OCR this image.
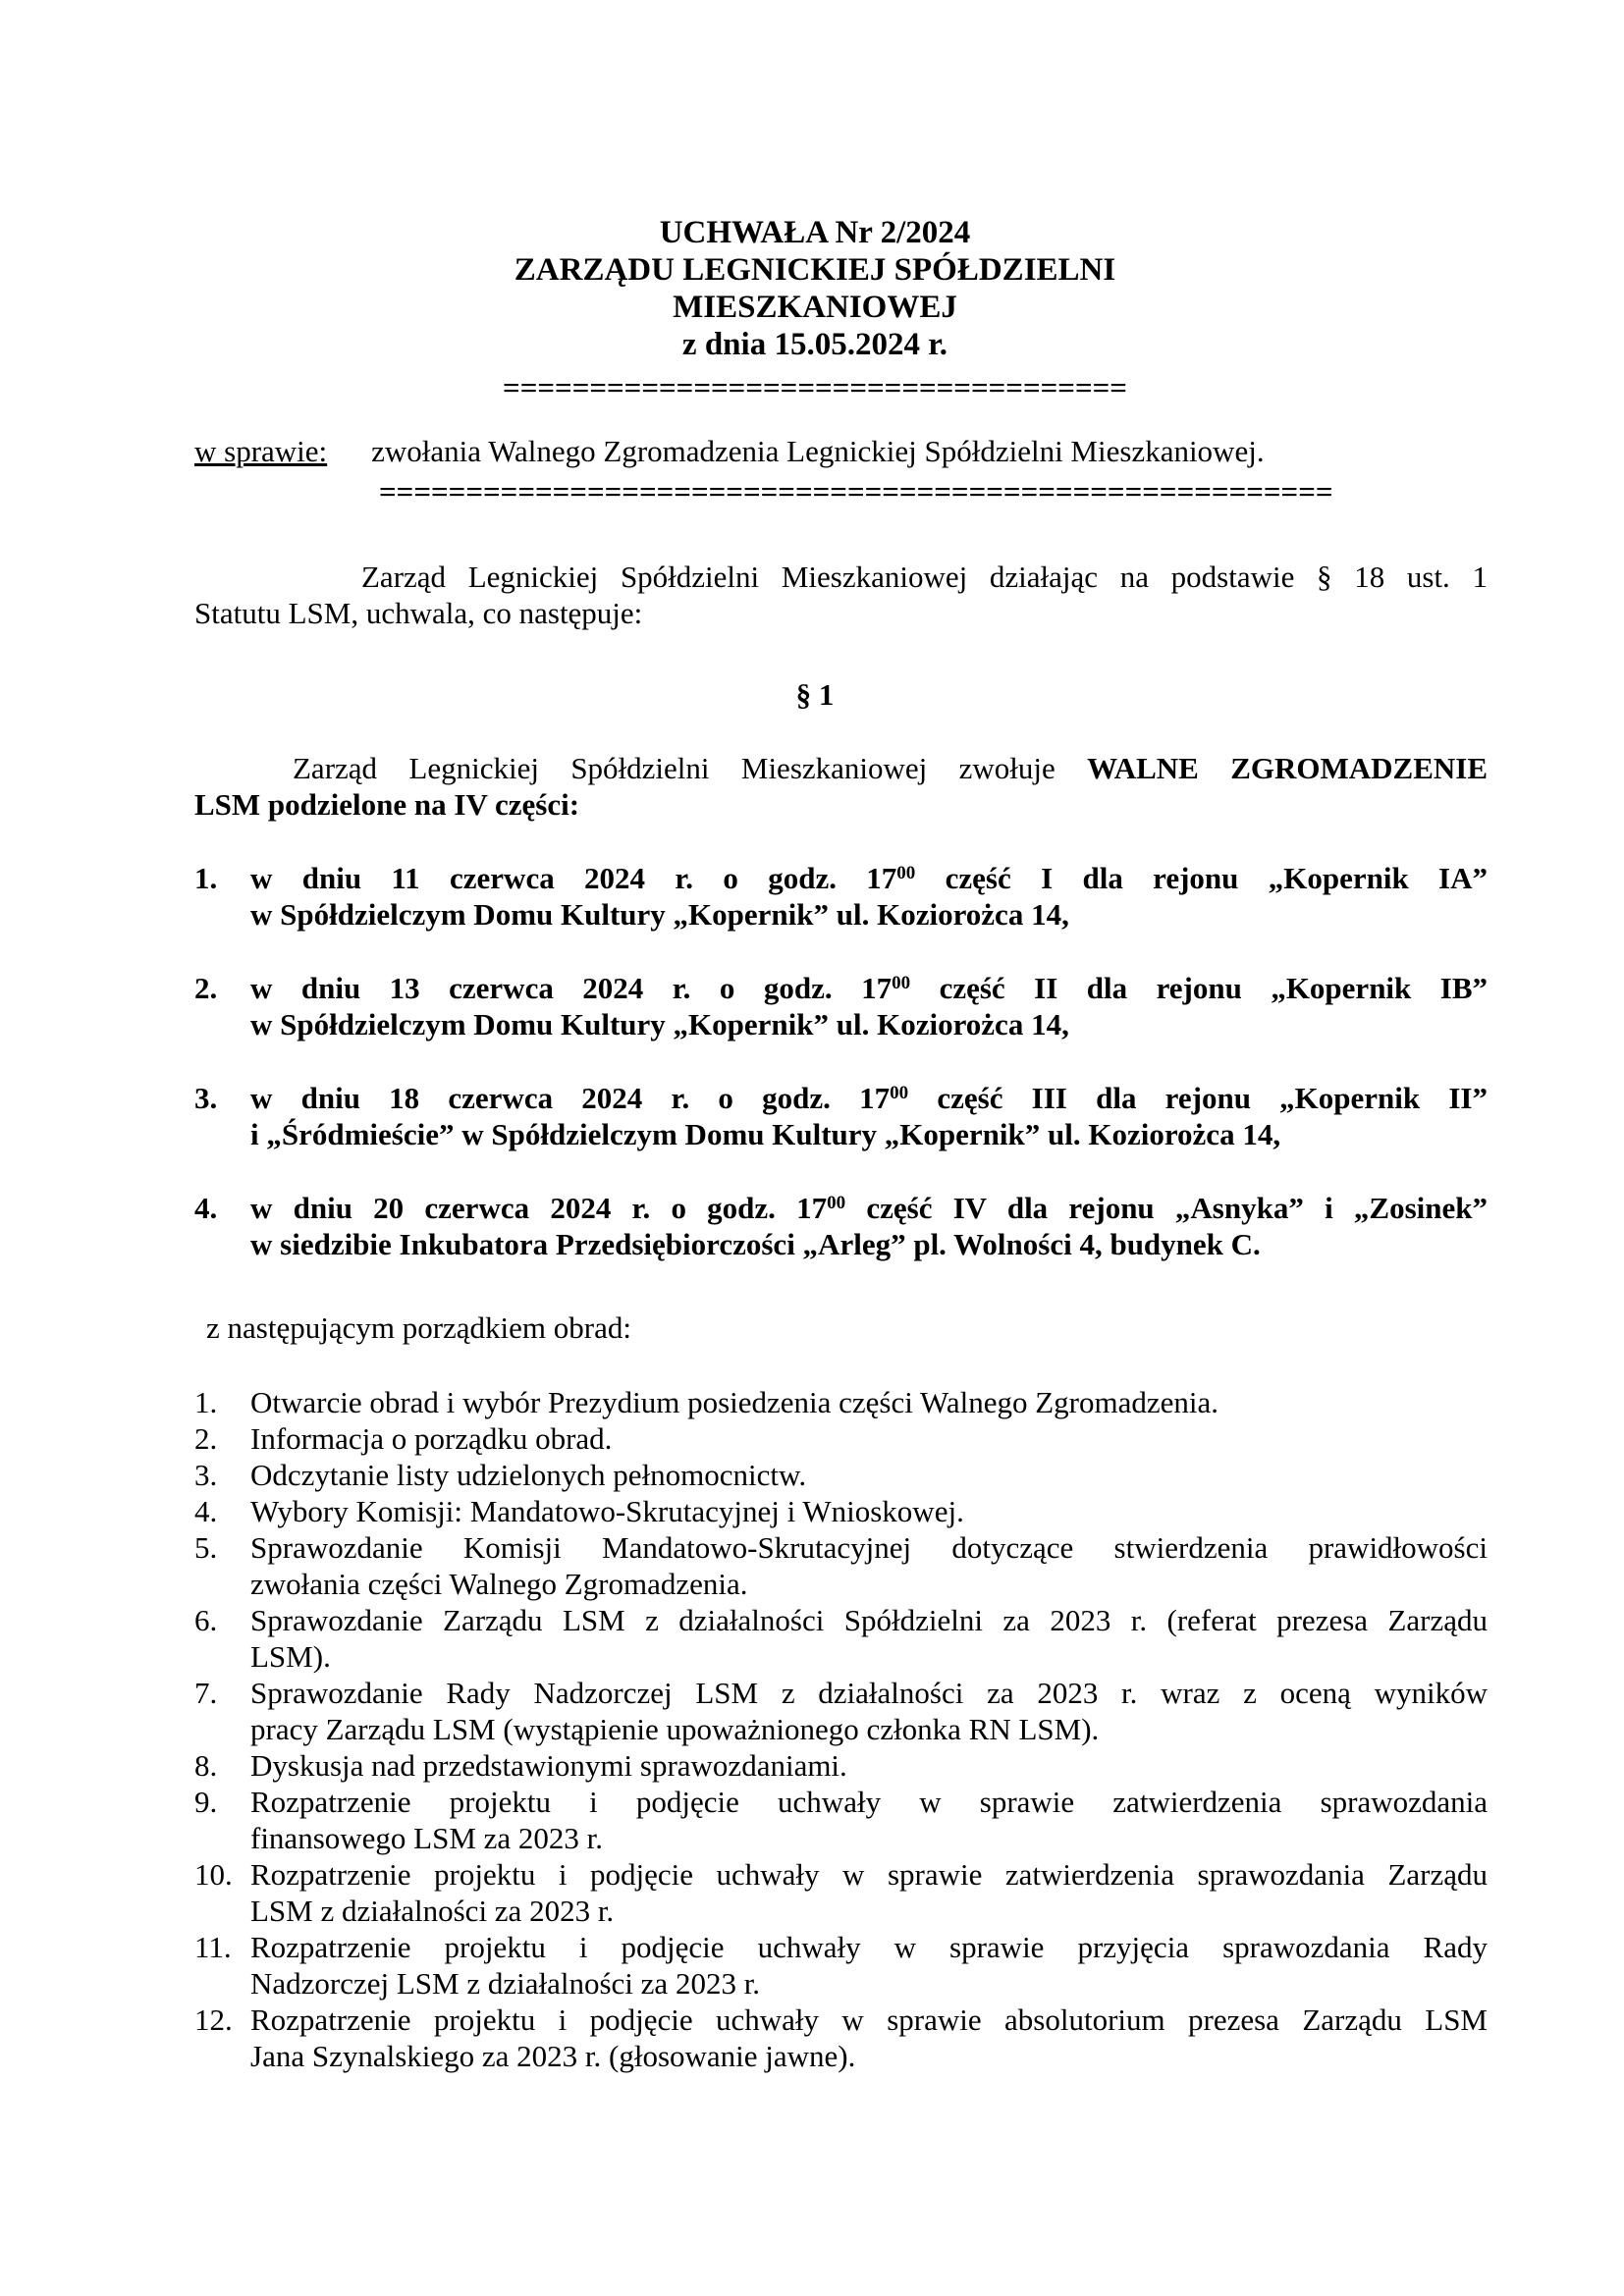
UCHWAŁA Nr 2/2024
ZARZĄDU LEGNICKIEJ SPÓŁDZIELNI
MIESZKANIOWEJ
z dnia 15.05.2024 r.
====================================
w sprawie: zwołania Walnego Zgromadzenia Legnickiej Spółdzielni Mieszkaniowej.
=======================================================
Zarząd Legnickiej Spółdzielni Mieszkaniowej działając na podstawie § 18 ust. 1
Statutu LSM, uchwala, co następuje:
§ 1
Zarząd Legnickiej Spółdzielni Mieszkaniowej zwołuje WALNE ZGROMADZENIE
LSM podzielone na IV części:
1.	w dniu 11 czerwca 2024 r. o godz. $17^{00}$ część I dla rejonu „Kopernik IA”
w Spółdzielczym Domu Kultury „Kopernik” ul. Koziorożca 14,
2.	w dniu 13 czerwca 2024 r. o godz. $17^{00}$ część II dla rejonu „Kopernik IB”
w Spółdzielczym Domu Kultury „Kopernik” ul. Koziorożca 14,
3.	w dniu 18 czerwca 2024 r. o godz. $17^{00}$ część III dla rejonu „Kopernik II”
i „Śródmieście” w Spółdzielczym Domu Kultury „Kopernik” ul. Koziorożca 14,
4.	w dniu 20 czerwca 2024 r. o godz. $17^{00}$ część IV dla rejonu „Asnyka” i „Zosinek”
w siedzibie Inkubatora Przedsiębiorczości „Arleg” pl. Wolności 4, budynek C.
z następującym porządkiem obrad:
1.	Otwarcie obrad i wybór Prezydium posiedzenia części Walnego Zgromadzenia.
2.	Informacja o porządku obrad.
3.	Odczytanie listy udzielonych pełnomocnictw.
4.	Wybory Komisji: Mandatowo-Skrutacyjnej i Wnioskowej.
5.	Sprawozdanie Komisji Mandatowo-Skrutacyjnej dotyczące stwierdzenia prawidłowości
zwołania części Walnego Zgromadzenia.
6.	Sprawozdanie Zarządu LSM z działalności Spółdzielni za 2023 r. (referat prezesa Zarządu
LSM).
7.	Sprawozdanie Rady Nadzorczej LSM z działalności za 2023 r. wraz z oceną wyników
pracy Zarządu LSM (wystąpienie upoważnionego członka RN LSM).
8.	Dyskusja nad przedstawionymi sprawozdaniami.
9.	Rozpatrzenie projektu i podjęcie uchwały w sprawie zatwierdzenia sprawozdania
finansowego LSM za 2023 r.
10. Rozpatrzenie projektu i podjęcie uchwały w sprawie zatwierdzenia sprawozdania Zarządu
LSM z działalności za 2023 r.
11. Rozpatrzenie projektu i podjęcie uchwały w sprawie przyjęcia sprawozdania Rady
Nadzorczej LSM z działalności za 2023 r.
12. Rozpatrzenie projektu i podjęcie uchwały w sprawie absolutorium prezesa Zarządu LSM
Jana Szynalskiego za 2023 r. (głosowanie jawne).
